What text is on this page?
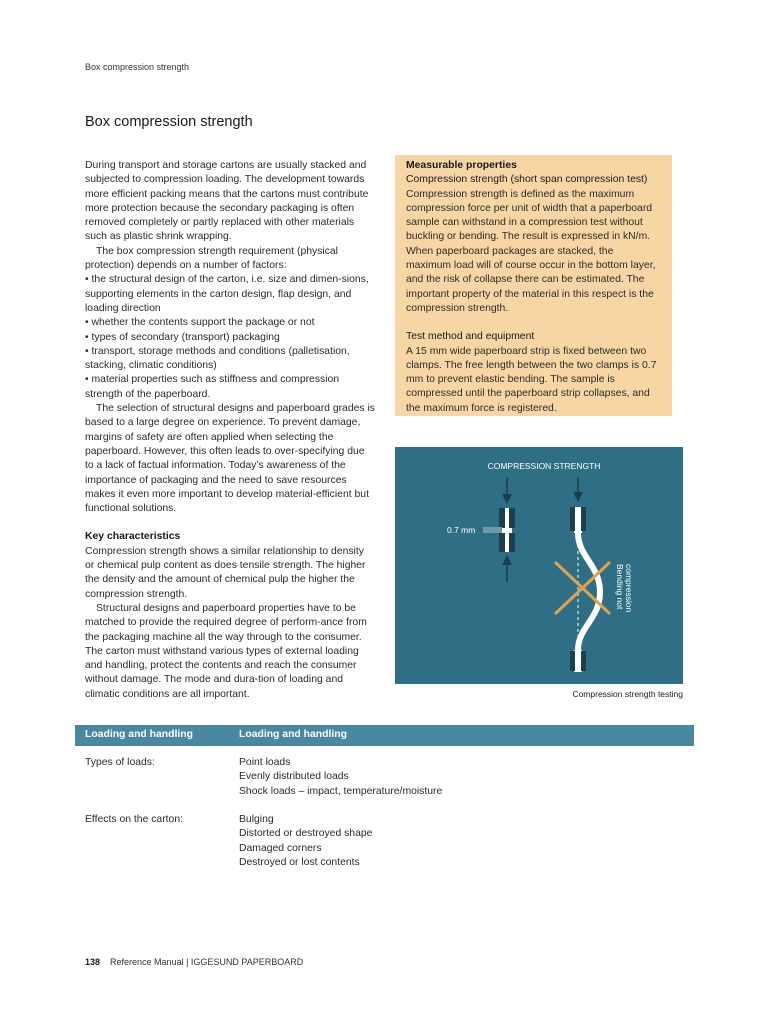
Box compression strength
Box compression strength

During transport and storage cartons are usually stacked and subjected to compression loading. The development towards more efficient packing means that the cartons must contribute more protection because the secondary packaging is often removed completely or partly replaced with other materials such as plastic shrink wrapping.

The box compression strength requirement (physical protection) depends on a number of factors:

• the structural design of the carton, i.e. size and dimen-sions, supporting elements in the carton design, flap design, and loading direction

• whether the contents support the package or not

• types of secondary (transport) packaging

• transport, storage methods and conditions (palletisation, stacking, climatic conditions)

• material properties such as stiffness and compression strength of the paperboard.

The selection of structural designs and paperboard grades is based to a large degree on experience. To prevent damage, margins of safety are often applied when selecting the paperboard. However, this often leads to over-specifying due to a lack of factual information. Today’s awareness of the importance of packaging and the need to save resources makes it even more important to develop material-efficient but functional solutions.

Key characteristics

Compression strength shows a similar relationship to density or chemical pulp content as does tensile strength. The higher the density and the amount of chemical pulp the higher the compression strength.

Structural designs and paperboard properties have to be matched to provide the required degree of perform-ance from the packaging machine all the way through to the consumer. The carton must withstand various types of external loading and handling, protect the contents and reach the consumer without damage. The mode and dura-tion of loading and climatic conditions are all important.

Measurable properties

Compression strength (short span compression test)

Compression strength is defined as the maximum compression force per unit of width that a paperboard sample can withstand in a compression test without buckling or bending. The result is expressed in kN/m. When paperboard packages are stacked, the maximum load will of course occur in the bottom layer, and the risk of collapse there can be estimated. The important property of the material in this respect is the compression strength.

Test method and equipment

A 15 mm wide paperboard strip is fixed between two clamps. The free length between the two clamps is 0.7 mm to prevent elastic bending. The sample is compressed until the paperboard strip collapses, and the maximum force is registered.

COMPRESSION STRENGTH
0.7 mm
Bending not compression
Compression strength testing
Loading and handling	Loading and handling
Types of loads:	Point loads
Evenly distributed loads
Shock loads – impact, temperature/moisture
Effects on the carton:	Bulging
Distorted or destroyed shape
Damaged corners
Destroyed or lost contents
138 Reference Manual | IGGESUND PAPERBOARD
